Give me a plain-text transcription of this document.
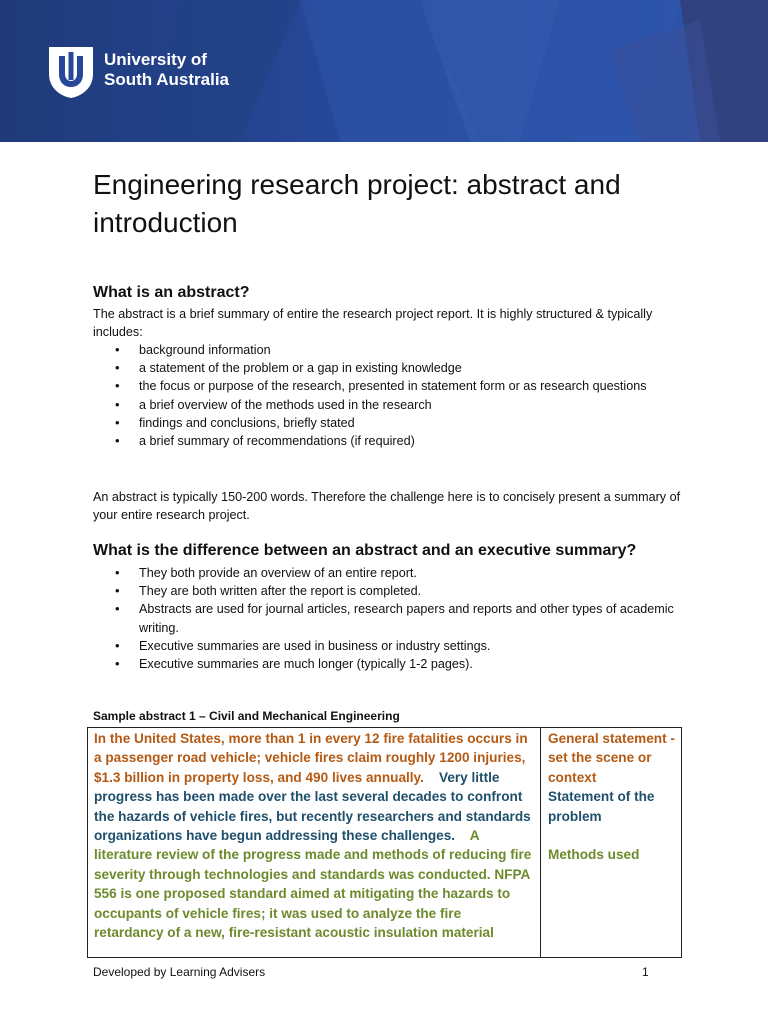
University of
South Australia
Engineering research project: abstract and introduction
What is an abstract?
The abstract is a brief summary of entire the research project report. It is highly structured & typically includes:
• background information
• a statement of the problem or a gap in existing knowledge
• the focus or purpose of the research, presented in statement form or as research questions
• a brief overview of the methods used in the research
• findings and conclusions, briefly stated
• a brief summary of recommendations (if required)
An abstract is typically 150-200 words. Therefore the challenge here is to concisely present a summary of your entire research project.
What is the difference between an abstract and an executive summary?
• They both provide an overview of an entire report.
• They are both written after the report is completed.
• Abstracts are used for journal articles, research papers and reports and other types of academic writing.
• Executive summaries are used in business or industry settings.
• Executive summaries are much longer (typically 1-2 pages).
Sample abstract 1 – Civil and Mechanical Engineering
In the United States, more than 1 in every 12 fire fatalities occurs in a passenger road vehicle; vehicle fires claim roughly 1200 injuries, $1.3 billion in property loss, and 490 lives annually. Very little progress has been made over the last several decades to confront the hazards of vehicle fires, but recently researchers and standards organizations have begun addressing these challenges. A literature review of the progress made and methods of reducing fire severity through technologies and standards was conducted. NFPA 556 is one proposed standard aimed at mitigating the hazards to occupants of vehicle fires; it was used to analyze the fire retardancy of a new, fire-resistant acoustic insulation material
General statement - set the scene or context
Statement of the problem
Methods used
Developed by Learning Advisers	1
